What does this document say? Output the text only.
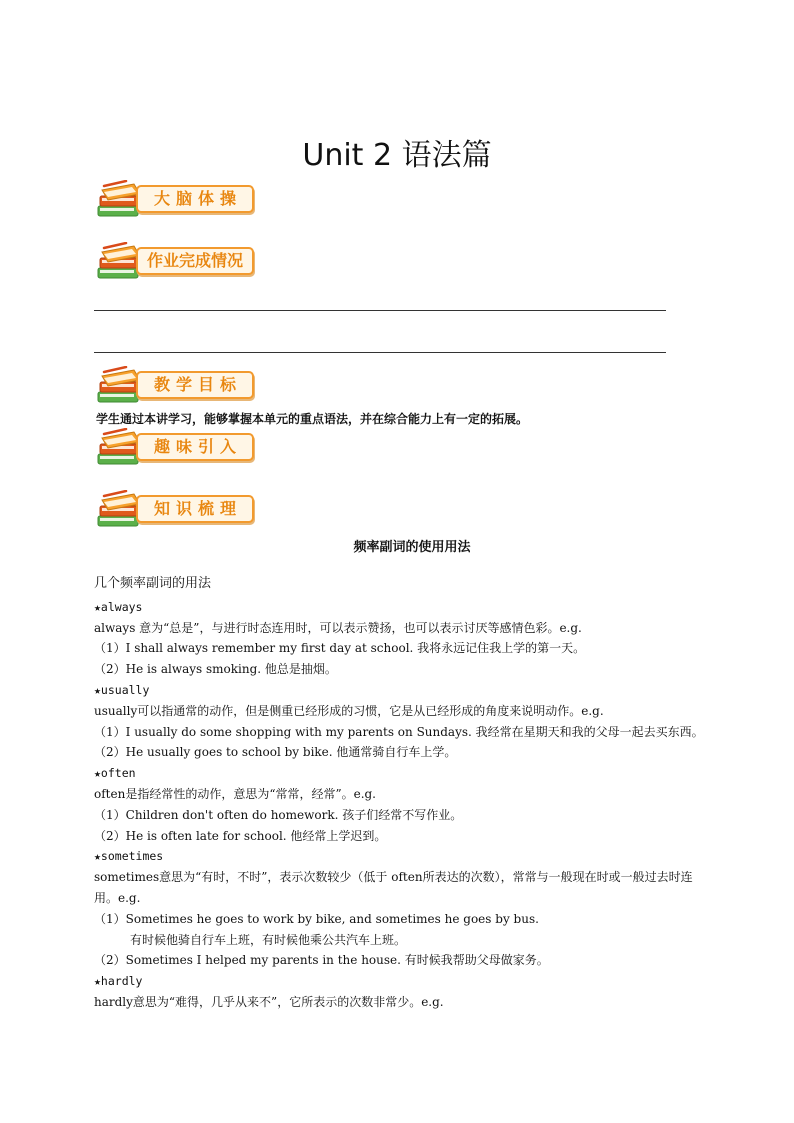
Unit 2 语法篇
大脑体操
作业完成情况
教学目标
学生通过本讲学习，能够掌握本单元的重点语法，并在综合能力上有一定的拓展。
趣味引入
知识梳理
频率副词的使用用法
几个频率副词的用法
★always
always 意为“总是”，与进行时态连用时，可以表示赞扬，也可以表示讨厌等感情色彩。e.g.
（1）I shall always remember my first day at school. 我将永远记住我上学的第一天。
（2）He is always smoking. 他总是抽烟。
★usually
usually可以指通常的动作，但是侧重已经形成的习惯，它是从已经形成的角度来说明动作。e.g.
（1）I usually do some shopping with my parents on Sundays. 我经常在星期天和我的父母一起去买东西。
（2）He usually goes to school by bike. 他通常骑自行车上学。
★often
often是指经常性的动作，意思为“常常，经常”。e.g.
（1）Children don't often do homework. 孩子们经常不写作业。
（2）He is often late for school. 他经常上学迟到。
★sometimes
sometimes意思为“有时，不时”，表示次数较少（低于 often所表达的次数），常常与一般现在时或一般过去时连用。e.g.
（1）Sometimes he goes to work by bike, and sometimes he goes by bus.
有时候他骑自行车上班，有时候他乘公共汽车上班。
（2）Sometimes I helped my parents in the house. 有时候我帮助父母做家务。
★hardly
hardly意思为“难得，几乎从来不”，它所表示的次数非常少。e.g.
